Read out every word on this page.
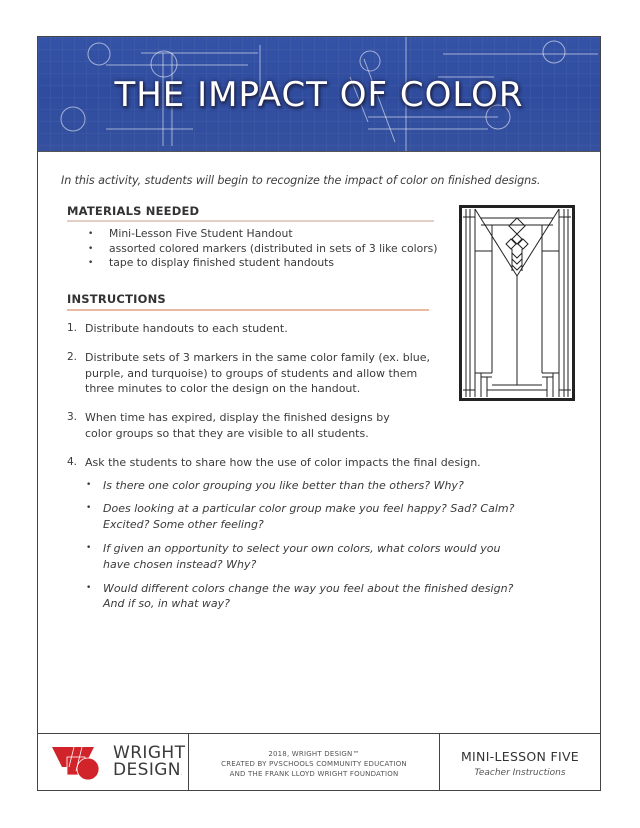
THE IMPACT OF COLOR
In this activity, students will begin to recognize the impact of color on finished designs.
MATERIALS NEEDED
• Mini-Lesson Five Student Handout
• assorted colored markers (distributed in sets of 3 like colors)
• tape to display finished student handouts
INSTRUCTIONS
1. Distribute handouts to each student.
2. Distribute sets of 3 markers in the same color family (ex. blue, purple, and turquoise) to groups of students and allow them three minutes to color the design on the handout.
3. When time has expired, display the finished designs by color groups so that they are visible to all students.
4. Ask the students to share how the use of color impacts the final design.
• Is there one color grouping you like better than the others? Why?
• Does looking at a particular color group make you feel happy? Sad? Calm? Excited? Some other feeling?
• If given an opportunity to select your own colors, what colors would you have chosen instead? Why?
• Would different colors change the way you feel about the finished design? And if so, in what way?
WRIGHT
DESIGN.
2018, WRIGHT DESIGN™
CREATED BY PVSCHOOLS COMMUNITY EDUCATION
AND THE FRANK LLOYD WRIGHT FOUNDATION
MINI-LESSON FIVE
Teacher Instructions
